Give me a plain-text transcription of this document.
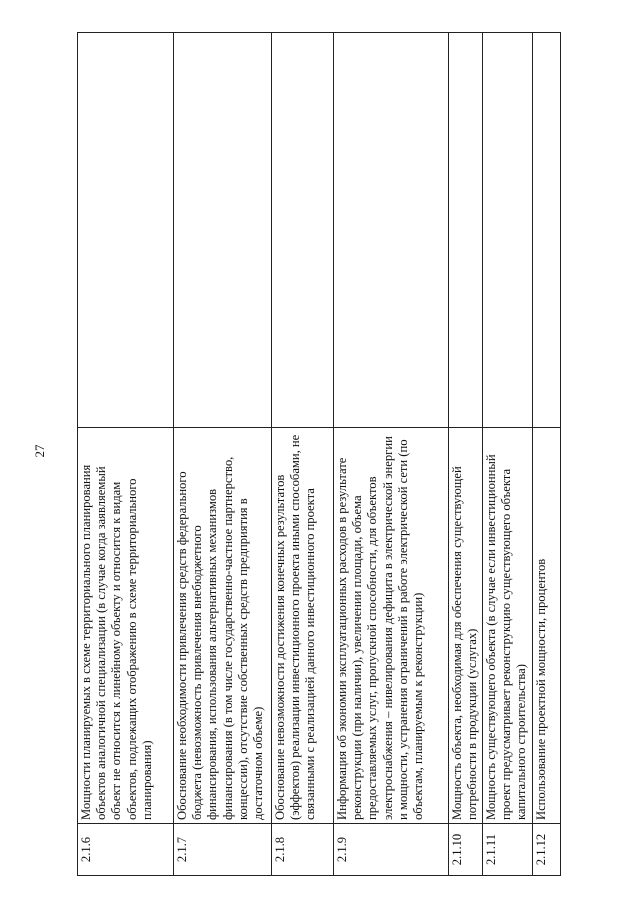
27
2.1.6	Мощности планируемых в схеме территориального планирования объектов аналогичной специализации (в случае когда заявляемый объект не относится к линейному объекту и относится к видам объектов, подлежащих отображению в схеме территориального планирования)	
2.1.7	Обоснование необходимости привлечения средств федерального бюджета (невозможность привлечения внебюджетного финансирования, использования альтернативных механизмов финансирования (в том числе государственно-частное партнерство, концессии), отсутствие собственных средств предприятия в достаточном объеме)	
2.1.8	Обоснование невозможности достижения конечных результатов (эффектов) реализации инвестиционного проекта иными способами, не связанными с реализацией данного инвестиционного проекта	
2.1.9	Информация об экономии эксплуатационных расходов в результате реконструкции (при наличии), увеличении площади, объема предоставляемых услуг, пропускной способности, для объектов электроснабжения – нивелирования дефицита в электрической энергии и мощности, устранения ограничений в работе электрической сети (по объектам, планируемым к реконструкции)	
2.1.10	Мощность объекта, необходимая для обеспечения существующей потребности в продукции (услугах)	
2.1.11	Мощность существующего объекта (в случае если инвестиционный проект предусматривает реконструкцию существующего объекта капитального строительства)	
2.1.12	Использование проектной мощности, процентов	
